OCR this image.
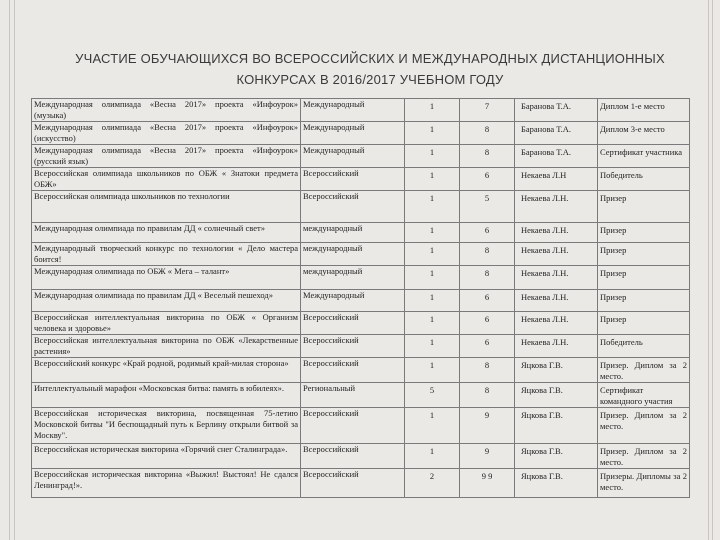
УЧАСТИЕ ОБУЧАЮЩИХСЯ ВО ВСЕРОССИЙСКИХ И МЕЖДУНАРОДНЫХ ДИСТАНЦИОННЫХ
КОНКУРСАХ В 2016/2017 УЧЕБНОМ ГОДУ
Международная олимпиада «Весна 2017» проекта «Инфоурок» (музыка)	Международный	1	7	Баранова Т.А.	Диплом 1-е место
Международная олимпиада «Весна 2017» проекта «Инфоурок» (искусство)	Международный	1	8	Баранова Т.А.	Диплом 3-е место
Международная олимпиада «Весна 2017» проекта «Инфоурок» (русский язык)	Международный	1	8	Баранова Т.А.	Сертификат участника
Всероссийская олимпиада школьников по ОБЖ « Знатоки предмета ОБЖ»	Всероссийский	1	6	Некаева Л.Н	Победитель
Всероссийская олимпиада школьников по технологии	Всероссийский	1	5	Некаева Л.Н.	Призер
Международная олимпиада по правилам ДД « солнечный свет»	международный	1	6	Некаева Л.Н.	Призер
Международный творческий конкурс по технологии « Дело мастера боится!	международный	1	8	Некаева Л.Н.	Призер
Международная олимпиада по ОБЖ « Мега – талант»	международный	1	8	Некаева Л.Н.	Призер
Международная олимпиада по правилам ДД « Веселый пешеход»	Международный	1	6	Некаева Л.Н.	Призер
Всероссийская интеллектуальная викторина по ОБЖ « Организм человека и здоровье»	Всероссийский	1	6	Некаева Л.Н.	Призер
Всероссийская интеллектуальная викторина по ОБЖ «Лекарственные растения»	Всероссийский	1	6	Некаева Л.Н.	Победитель
Всероссийский конкурс «Край родной, родимый край-милая сторона»	Всероссийский	1	8	Яцкова Г.В.	Призер. Диплом за 2 место.
Интеллектуальный марафон «Московская битва: память в юбилеях».	Региональный	5	8	Яцкова Г.В.	Сертификат командного участия
Всероссийская историческая викторина, посвященная 75-летию Московской битвы "И беспощадный путь к Берлину открыли битвой за Москву".	Всероссийский	1	9	Яцкова Г.В.	Призер. Диплом за 2 место.
Всероссийская историческая викторина «Горячий снег Сталинграда».	Всероссийский	1	9	Яцкова Г.В.	Призер. Диплом за 2 место.
Всероссийская историческая викторина «Выжил! Выстоял! Не сдался Ленинград!».	Всероссийский	2	9 9	Яцкова Г.В.	Призеры. Дипломы за 2 место.
